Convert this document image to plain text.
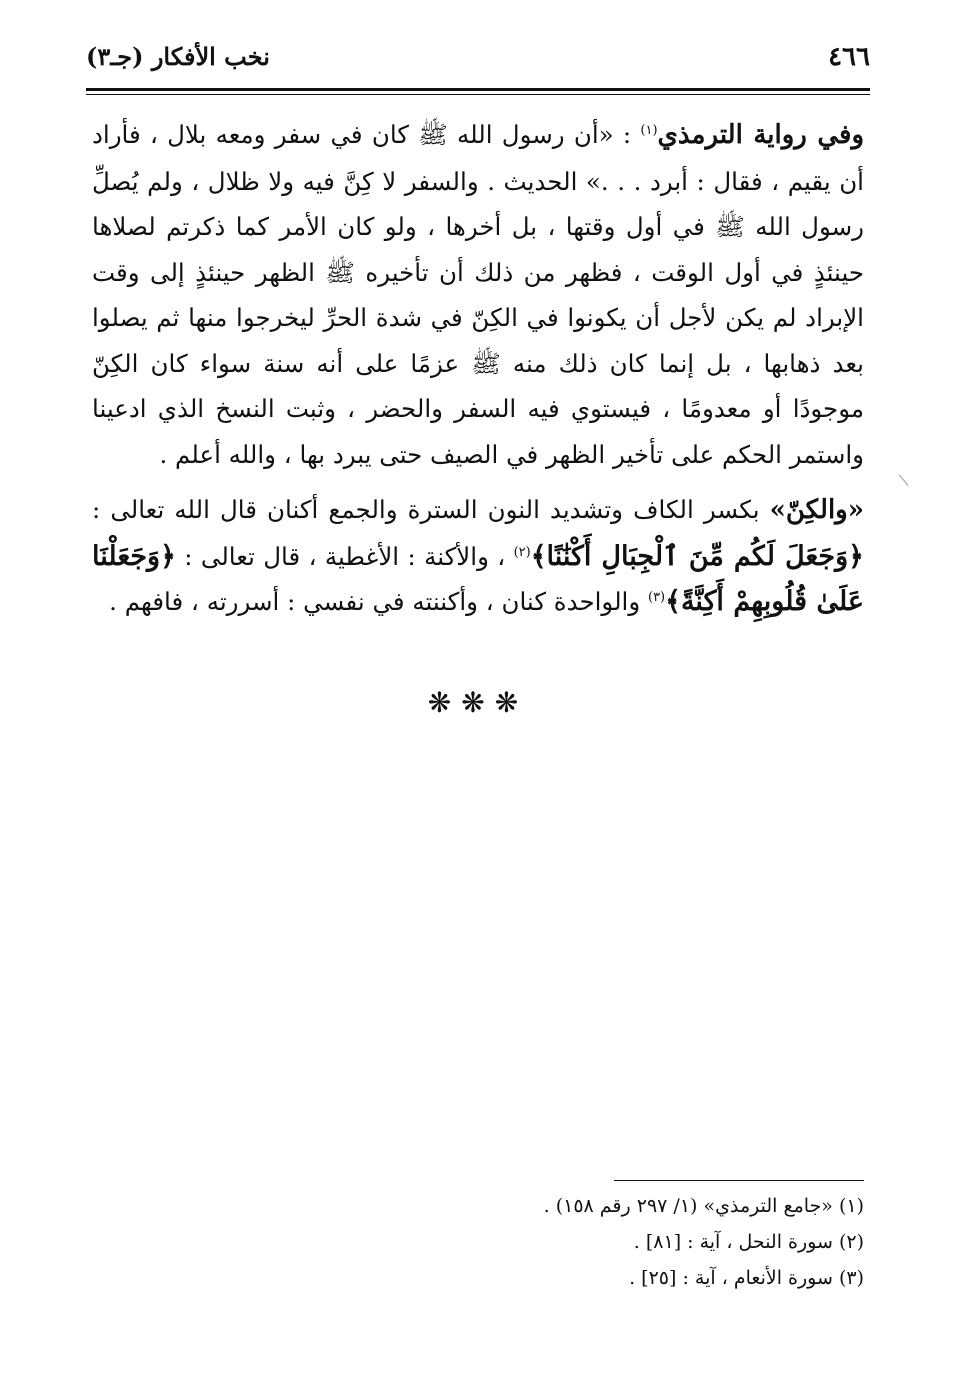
٤٦٦
نخب الأفكار (جـ٣)

وفي رواية الترمذي$^{(١)}$ : «أن رسول الله ﷺ كان في سفر ومعه بلال ، فأراد أن يقيم ، فقال : أبرد . . .» الحديث . والسفر لا كِنَّ فيه ولا ظلال ، ولم يُصلِّ رسول الله ﷺ في أول وقتها ، بل أخرها ، ولو كان الأمر كما ذكرتم لصلاها حينئذٍ في أول الوقت ، فظهر من ذلك أن تأخيره ﷺ الظهر حينئذٍ إلى وقت الإبراد لم يكن لأجل أن يكونوا في الكِنّ في شدة الحرِّ ليخرجوا منها ثم يصلوا بعد ذهابها ، بل إنما كان ذلك منه ﷺ عزمًا على أنه سنة سواء كان الكِنّ موجودًا أو معدومًا ، فيستوي فيه السفر والحضر ، وثبت النسخ الذي ادعينا واستمر الحكم على تأخير الظهر في الصيف حتى يبرد بها ، والله أعلم .

«والكِنّ» بكسر الكاف وتشديد النون السترة والجمع أكنان قال الله تعالى : ﴿وَجَعَلَ لَكُم مِّنَ ٱلْجِبَالِ أَكْنَٰنًا﴾$^{(٢)}$ ، والأكنة : الأغطية ، قال تعالى : ﴿وَجَعَلْنَا عَلَىٰ قُلُوبِهِمْ أَكِنَّةً﴾$^{(٣)}$ والواحدة كنان ، وأكننته في نفسي : أسررته ، فافهم .

❋❋❋
(١) «جامع الترمذي» (١/ ٢٩٧ رقم ١٥٨) .
(٢) سورة النحل ، آية : [٨١] .
(٣) سورة الأنعام ، آية : [٢٥] .
